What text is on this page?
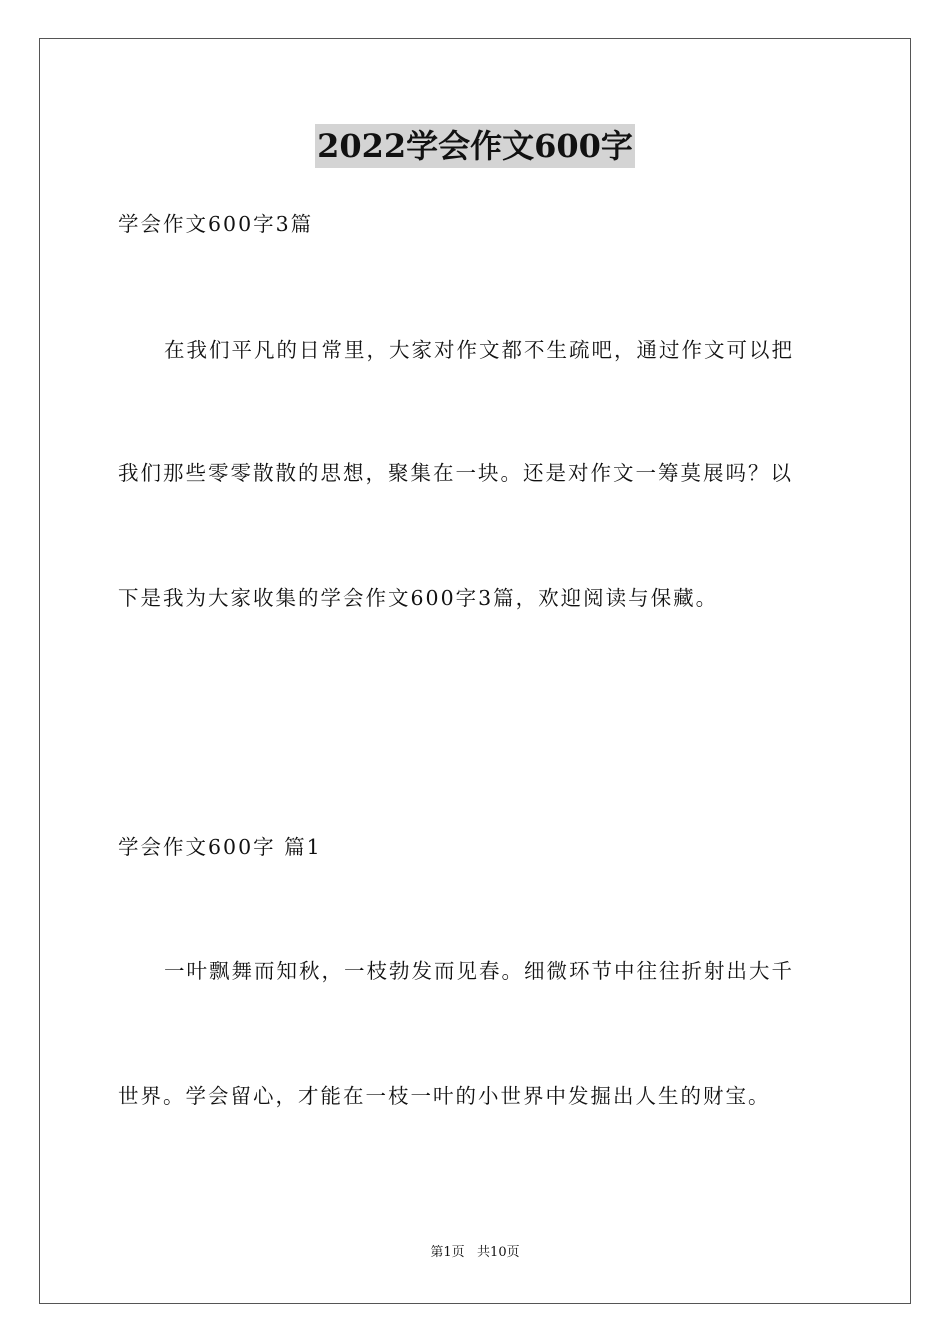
2022学会作文600字
学会作文600字3篇
在我们平凡的日常里，大家对作文都不生疏吧，通过作文可以把
我们那些零零散散的思想，聚集在一块。还是对作文一筹莫展吗？以
下是我为大家收集的学会作文600字3篇，欢迎阅读与保藏。
学会作文600字 篇1
一叶飘舞而知秋，一枝勃发而见春。细微环节中往往折射出大千
世界。学会留心，才能在一枝一叶的小世界中发掘出人生的财宝。
第1页   共10页
